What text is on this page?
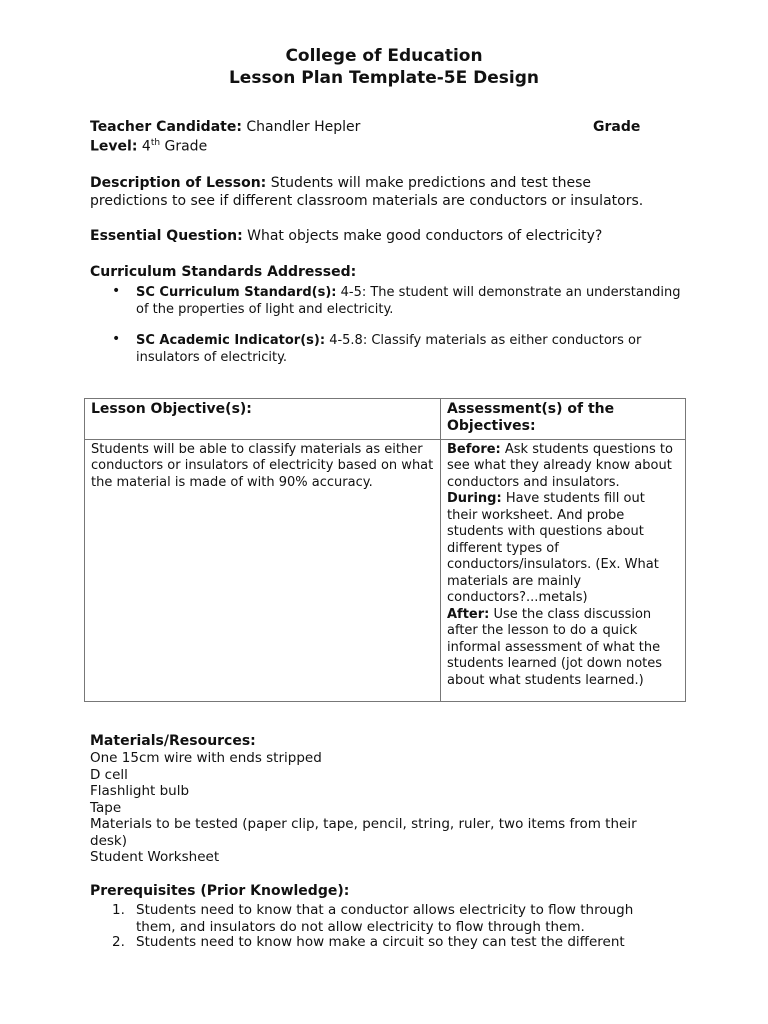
College of Education
Lesson Plan Template-5E Design
Teacher Candidate: Chandler Hepler	Grade
Level: 4th Grade
Description of Lesson: Students will make predictions and test these predictions to see if different classroom materials are conductors or insulators.
Essential Question: What objects make good conductors of electricity?
Curriculum Standards Addressed:
• SC Curriculum Standard(s): 4-5: The student will demonstrate an understanding of the properties of light and electricity.
• SC Academic Indicator(s): 4-5.8: Classify materials as either conductors or insulators of electricity.
Lesson Objective(s):	Assessment(s) of the Objectives:
Students will be able to classify materials as either conductors or insulators of electricity based on what the material is made of with 90% accuracy.	Before: Ask students questions to see what they already know about conductors and insulators.
During: Have students fill out their worksheet. And probe students with questions about different types of conductors/insulators. (Ex. What materials are mainly conductors?...metals)
After: Use the class discussion after the lesson to do a quick informal assessment of what the students learned (jot down notes about what students learned.)
Materials/Resources:
One 15cm wire with ends stripped
D cell
Flashlight bulb
Tape
Materials to be tested (paper clip, tape, pencil, string, ruler, two items from their desk)
Student Worksheet
Prerequisites (Prior Knowledge):
1. Students need to know that a conductor allows electricity to flow through them, and insulators do not allow electricity to flow through them.
2. Students need to know how make a circuit so they can test the different
